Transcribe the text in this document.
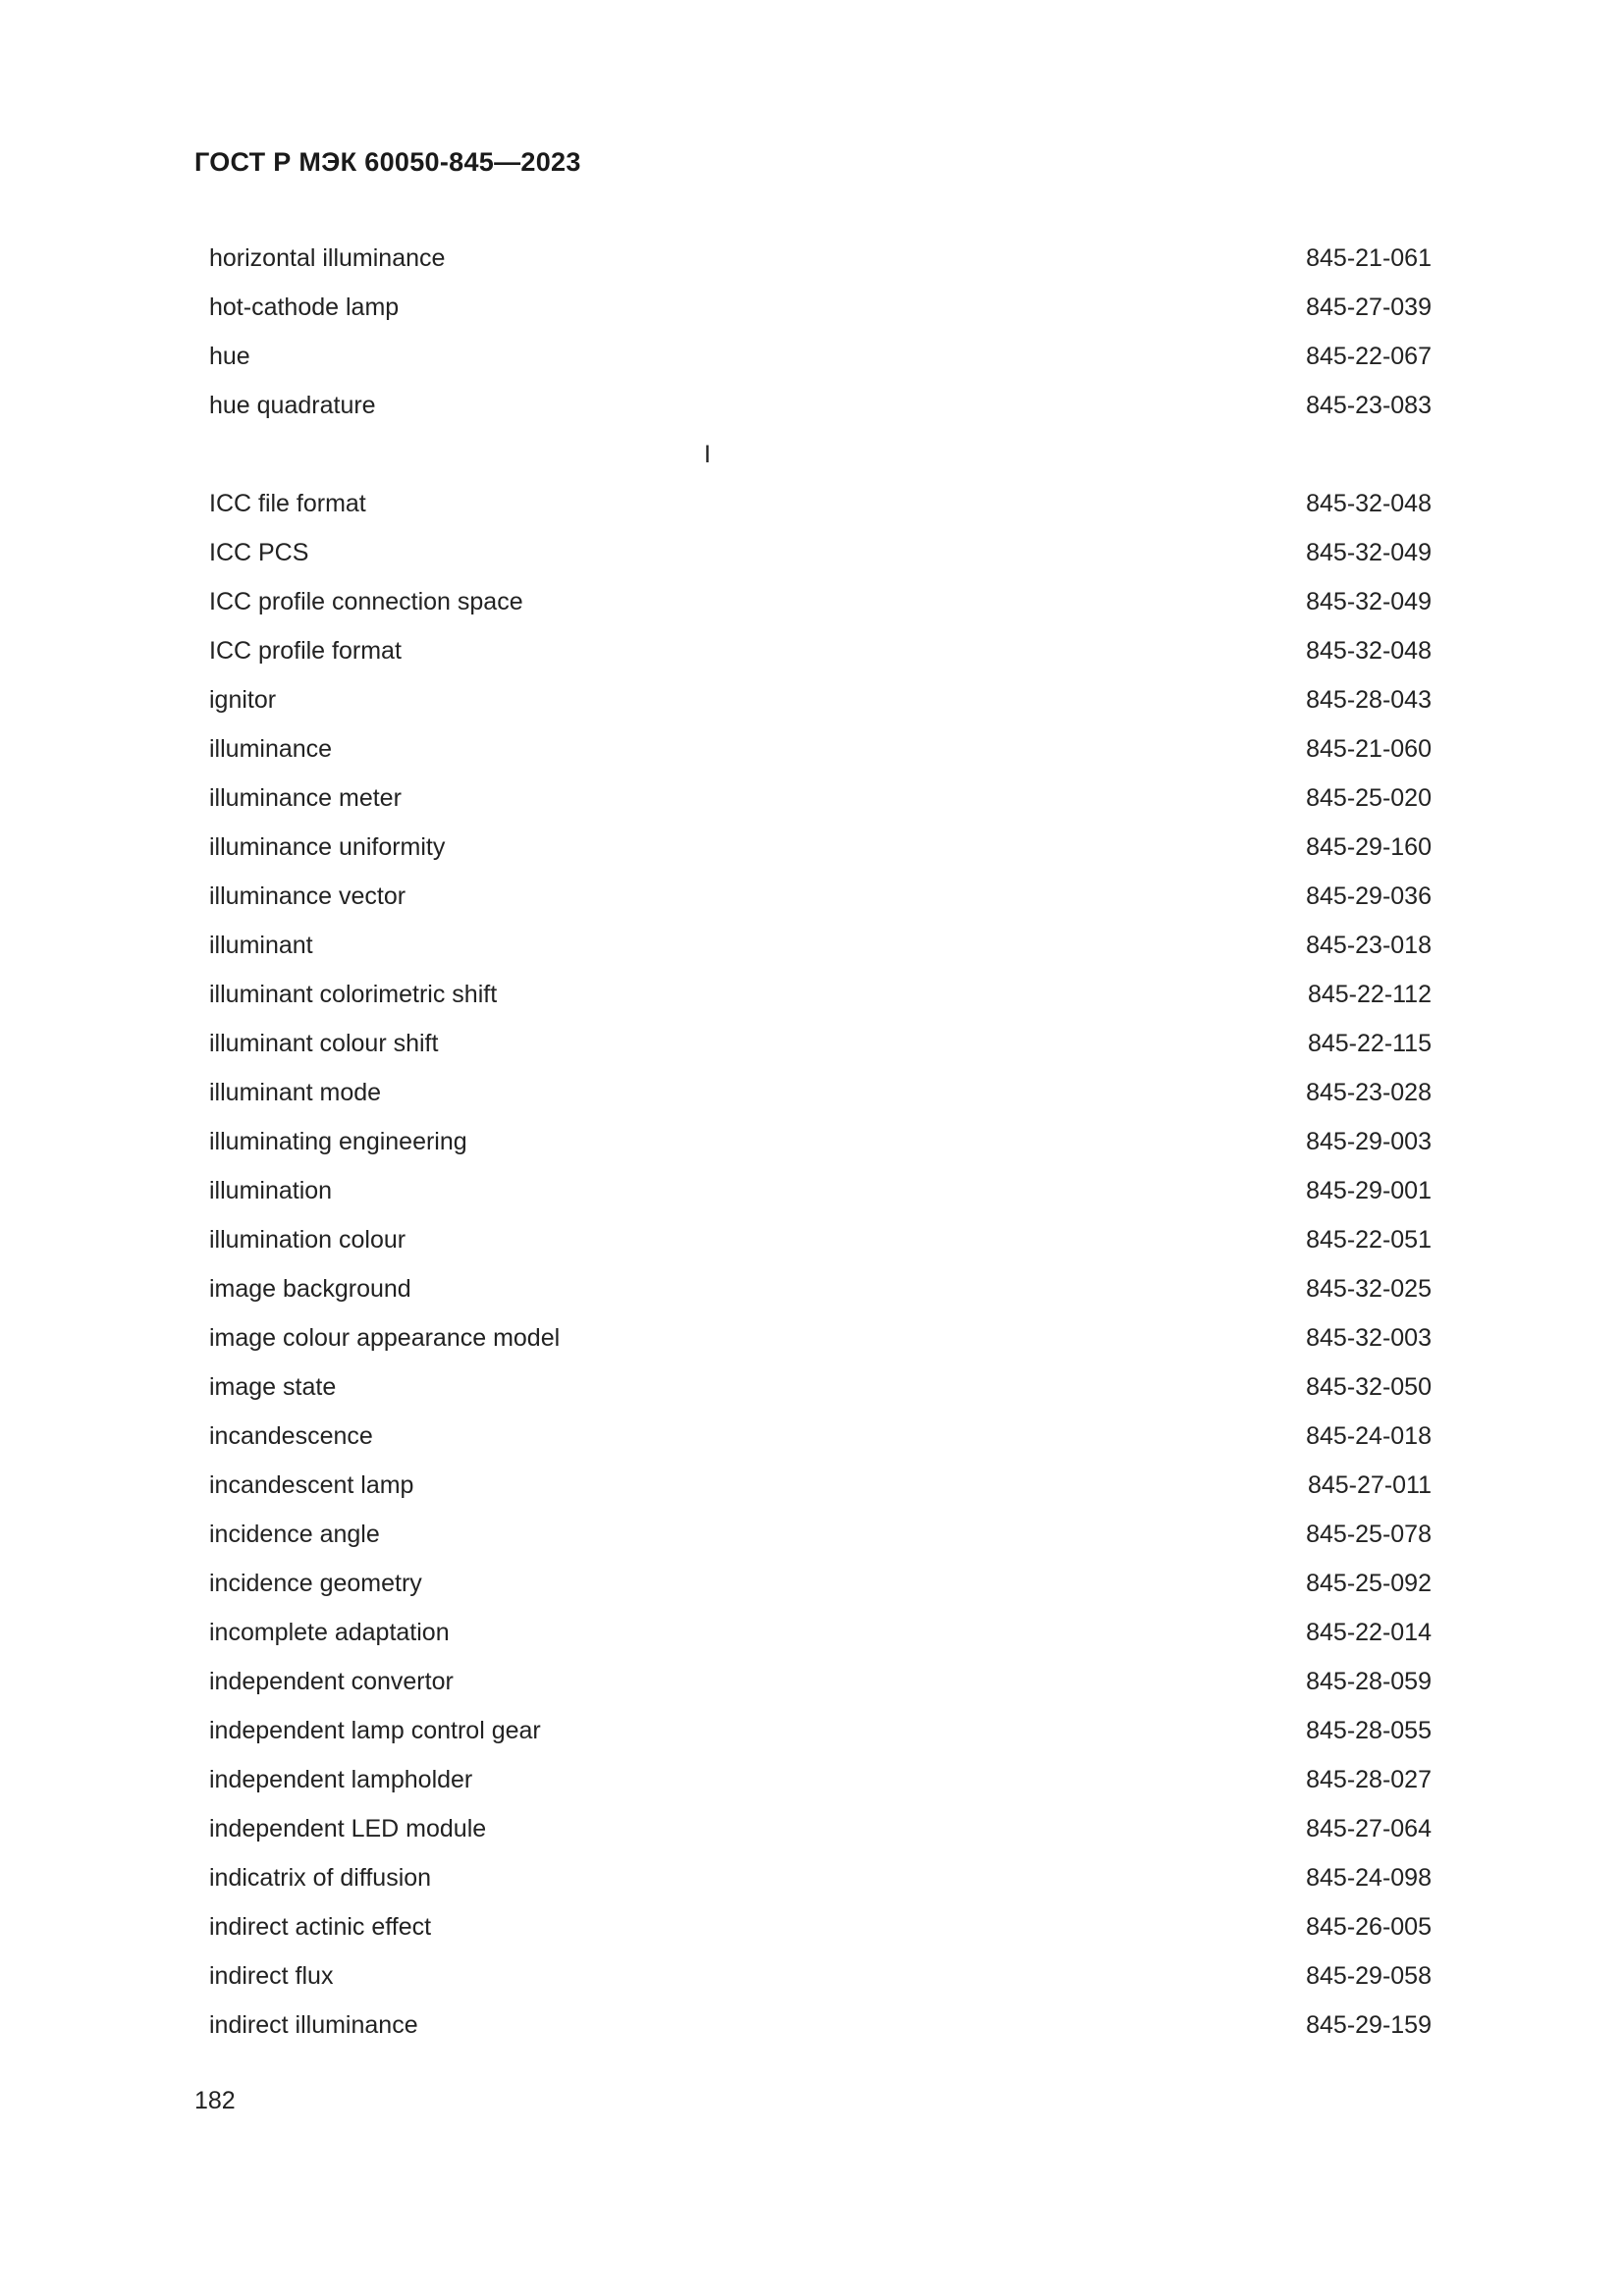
ГОСТ Р МЭК 60050-845—2023
horizontal illuminance	845-21-061
hot-cathode lamp	845-27-039
hue	845-22-067
hue quadrature	845-23-083
I
ICC file format	845-32-048
ICC PCS	845-32-049
ICC profile connection space	845-32-049
ICC profile format	845-32-048
ignitor	845-28-043
illuminance	845-21-060
illuminance meter	845-25-020
illuminance uniformity	845-29-160
illuminance vector	845-29-036
illuminant	845-23-018
illuminant colorimetric shift	845-22-112
illuminant colour shift	845-22-115
illuminant mode	845-23-028
illuminating engineering	845-29-003
illumination	845-29-001
illumination colour	845-22-051
image background	845-32-025
image colour appearance model	845-32-003
image state	845-32-050
incandescence	845-24-018
incandescent lamp	845-27-011
incidence angle	845-25-078
incidence geometry	845-25-092
incomplete adaptation	845-22-014
independent convertor	845-28-059
independent lamp control gear	845-28-055
independent lampholder	845-28-027
independent LED module	845-27-064
indicatrix of diffusion	845-24-098
indirect actinic effect	845-26-005
indirect flux	845-29-058
indirect illuminance	845-29-159
182
